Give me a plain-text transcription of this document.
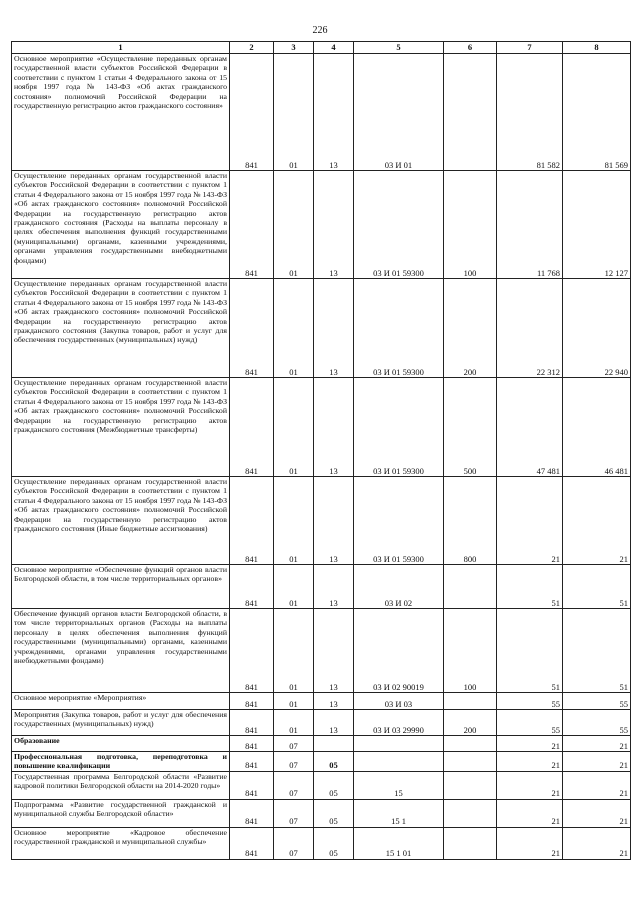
226
1	2	3	4	5	6	7	8
Основное мероприятие «Осуществление переданных органам государственной власти субъектов Российской Федерации в соответствии с пунктом 1 статьи 4 Федерального закона от 15 ноября 1997 года № 143-ФЗ «Об актах гражданского состояния» полномочий Российской Федерации на государственную регистрацию актов гражданского состояния»	841	01	13	03 И 01		81 582	81 569
Осуществление переданных органам государственной власти субъектов Российской Федерации в соответствии с пунктом 1 статьи 4 Федерального закона от 15 ноября 1997 года № 143-ФЗ «Об актах гражданского состояния» полномочий Российской Федерации на государственную регистрацию актов гражданского состояния (Расходы на выплаты персоналу в целях обеспечения выполнения функций государственными (муниципальными) органами, казенными учреждениями, органами управления государственными внебюджетными фондами)	841	01	13	03 И 01 59300	100	11 768	12 127
Осуществление переданных органам государственной власти субъектов Российской Федерации в соответствии с пунктом 1 статьи 4 Федерального закона от 15 ноября 1997 года № 143-ФЗ «Об актах гражданского состояния» полномочий Российской Федерации на государственную регистрацию актов гражданского состояния (Закупка товаров, работ и услуг для обеспечения государственных (муниципальных) нужд)	841	01	13	03 И 01 59300	200	22 312	22 940
Осуществление переданных органам государственной власти субъектов Российской Федерации в соответствии с пунктом 1 статьи 4 Федерального закона от 15 ноября 1997 года № 143-ФЗ «Об актах гражданского состояния» полномочий Российской Федерации на государственную регистрацию актов гражданского состояния (Межбюджетные трансферты)	841	01	13	03 И 01 59300	500	47 481	46 481
Осуществление переданных органам государственной власти субъектов Российской Федерации в соответствии с пунктом 1 статьи 4 Федерального закона от 15 ноября 1997 года № 143-ФЗ «Об актах гражданского состояния» полномочий Российской Федерации на государственную регистрацию актов гражданского состояния (Иные бюджетные ассигнования)	841	01	13	03 И 01 59300	800	21	21
Основное мероприятие «Обеспечение функций органов власти Белгородской области, в том числе территориальных органов»	841	01	13	03 И 02		51	51
Обеспечение функций органов власти Белгородской области, в том числе территориальных органов (Расходы на выплаты персоналу в целях обеспечения выполнения функций государственными (муниципальными) органами, казенными учреждениями, органами управления государственными внебюджетными фондами)	841	01	13	03 И 02 90019	100	51	51
Основное мероприятие «Мероприятия»	841	01	13	03 И 03		55	55
Мероприятия (Закупка товаров, работ и услуг для обеспечения государственных (муниципальных) нужд)	841	01	13	03 И 03 29990	200	55	55
Образование	841	07				21	21
Профессиональная подготовка, переподготовка и повышение квалификации	841	07	05			21	21
Государственная программа Белгородской области «Развитие кадровой политики Белгородской области на 2014-2020 годы»	841	07	05	15		21	21
Подпрограмма «Развитие государственной гражданской и муниципальной службы Белгородской области»	841	07	05	15 1		21	21
Основное мероприятие «Кадровое обеспечение государственной гражданской и муниципальной службы»	841	07	05	15 1 01		21	21
